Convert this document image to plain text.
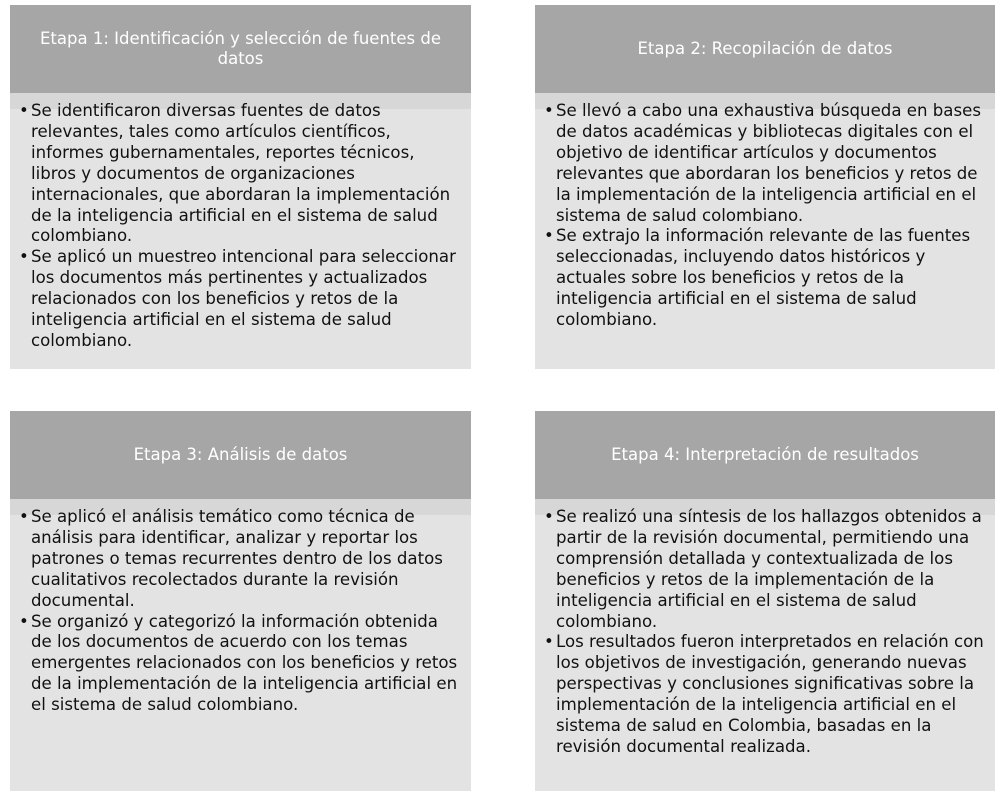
Etapa 1: Identificación y selección de fuentes de datos
• Se identificaron diversas fuentes de datos relevantes, tales como artículos científicos, informes gubernamentales, reportes técnicos, libros y documentos de organizaciones internacionales, que abordaran la implementación de la inteligencia artificial en el sistema de salud colombiano.
• Se aplicó un muestreo intencional para seleccionar los documentos más pertinentes y actualizados relacionados con los beneficios y retos de la inteligencia artificial en el sistema de salud colombiano.
Etapa 2: Recopilación de datos
• Se llevó a cabo una exhaustiva búsqueda en bases de datos académicas y bibliotecas digitales con el objetivo de identificar artículos y documentos relevantes que abordaran los beneficios y retos de la implementación de la inteligencia artificial en el sistema de salud colombiano.
• Se extrajo la información relevante de las fuentes seleccionadas, incluyendo datos históricos y actuales sobre los beneficios y retos de la inteligencia artificial en el sistema de salud colombiano.
Etapa 3: Análisis de datos
• Se aplicó el análisis temático como técnica de análisis para identificar, analizar y reportar los patrones o temas recurrentes dentro de los datos cualitativos recolectados durante la revisión documental.
• Se organizó y categorizó la información obtenida de los documentos de acuerdo con los temas emergentes relacionados con los beneficios y retos de la implementación de la inteligencia artificial en el sistema de salud colombiano.
Etapa 4: Interpretación de resultados
• Se realizó una síntesis de los hallazgos obtenidos a partir de la revisión documental, permitiendo una comprensión detallada y contextualizada de los beneficios y retos de la implementación de la inteligencia artificial en el sistema de salud colombiano.
• Los resultados fueron interpretados en relación con los objetivos de investigación, generando nuevas perspectivas y conclusiones significativas sobre la implementación de la inteligencia artificial en el sistema de salud en Colombia, basadas en la revisión documental realizada.
